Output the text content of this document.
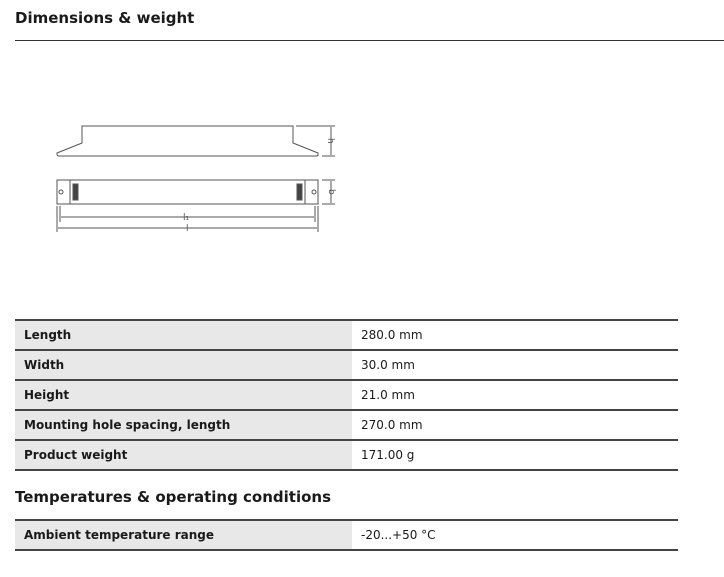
Dimensions & weight
h
b
l₁
l
Length	280.0 mm
Width	30.0 mm
Height	21.0 mm
Mounting hole spacing, length	270.0 mm
Product weight	171.00 g
Temperatures & operating conditions
Ambient temperature range	-20...+50 °C
